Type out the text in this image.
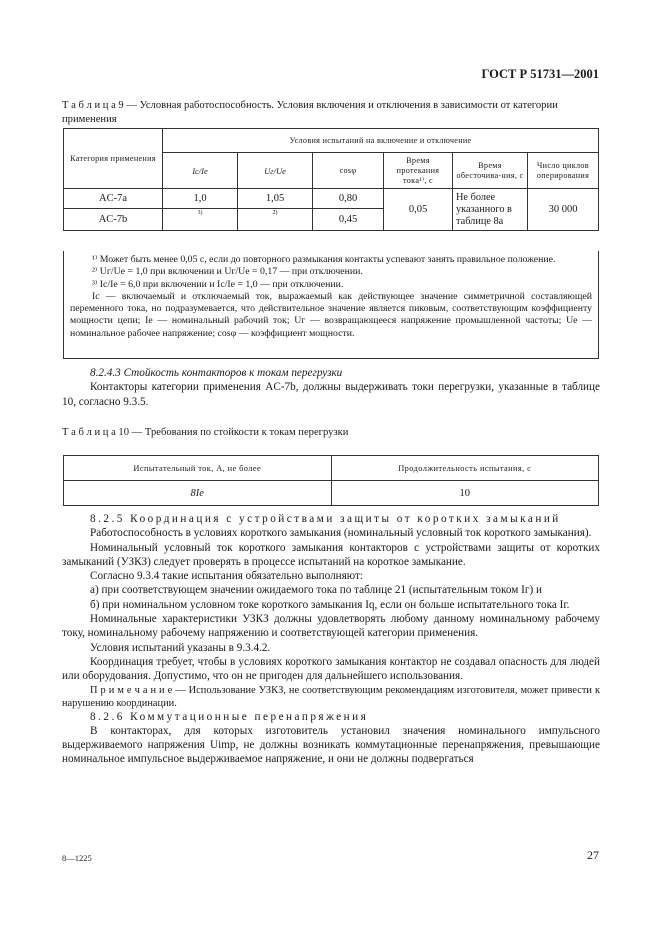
ГОСТ Р 51731—2001
Т а б л и ц а 9 — Условная работоспособность. Условия включения и отключения в зависимости от категории применения
Категория применения	Условия испытаний на включение и отключение					
	Iс/Iе	Uг/Uе	cosφ	Время протекания тока¹⁾, с	Время обесточива-ния, с	Число циклов оперирования
AC-7a	1,0	1,05	0,80	0,05	Не более указанного в таблице 8а	30 000
AC-7b	3)	2)	0,45			

¹⁾ Может быть менее 0,05 с, если до повторного размыкания контакты успевают занять правильное положение.

²⁾ Uг/Uе = 1,0 при включении и Uг/Uе = 0,17 — при отключении.

³⁾ Iс/Iе = 6,0 при включении и Iс/Iе = 1,0 — при отключении.

Iс — включаемый и отключаемый ток, выражаемый как действующее значение симметричной составляющей переменного тока, но подразумевается, что действительное значение является пиковым, соответствующим коэффициенту мощности цепи; Iе — номинальный рабочий ток; Uг — возвращающееся напряжение промышленной частоты; Uе — номинальное рабочее напряжение; cosφ — коэффициент мощности.

8.2.4.3 Стойкость контакторов к токам перегрузки

Контакторы категории применения AC-7b, должны выдерживать токи перегрузки, указанные в таблице 10, согласно 9.3.5.

Т а б л и ц а 10 — Требования по стойкости к токам перегрузки
Испытательный ток, А, не более	Продолжительность испытания, с
8Iе	10

8.2.5 Координация с устройствами защиты от коротких замыканий

Работоспособность в условиях короткого замыкания (номинальный условный ток короткого замыкания).

Номинальный условный ток короткого замыкания контакторов с устройствами защиты от коротких замыканий (УЗКЗ) следует проверять в процессе испытаний на короткое замыкание.

Согласно 9.3.4 такие испытания обязательно выполняют:

а) при соответствующем значении ожидаемого тока по таблице 21 (испытательным током Iг) и

б) при номинальном условном токе короткого замыкания Iq, если он больше испытательного тока Iг.

Номинальные характеристики УЗКЗ должны удовлетворять любому данному номинальному рабочему току, номинальному рабочему напряжению и соответствующей категории применения.

Условия испытаний указаны в 9.3.4.2.

Координация требует, чтобы в условиях короткого замыкания контактор не создавал опасность для людей или оборудования. Допустимо, что он не пригоден для дальнейшего использования.

П р и м е ч а н и е — Использование УЗКЗ, не соответствующим рекомендациям изготовителя, может привести к нарушению координации.

8.2.6 Коммутационные перенапряжения

В контакторах, для которых изготовитель установил значения номинального импульсного выдерживаемого напряжения Uimp, не должны возникать коммутационные перенапряжения, превышающие номинальное импульсное выдерживаемое напряжение, и они не должны подвергаться

8—1225	27
